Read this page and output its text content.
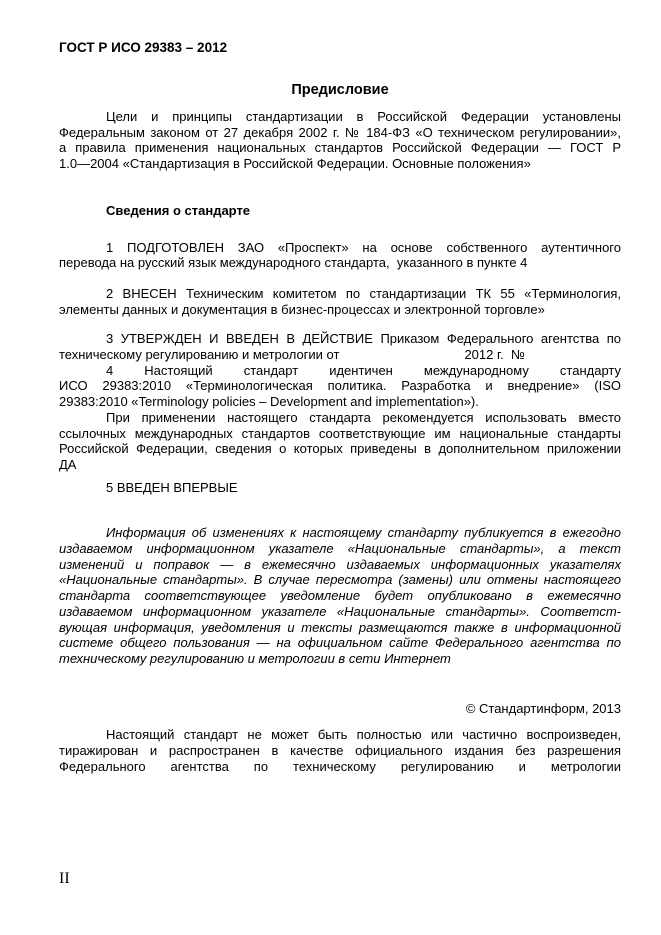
ГОСТ Р ИСО 29383 – 2012
Предисловие
Цели и принципы стандартизации в Российской Федерации установлены
Федеральным законом от 27 декабря 2002 г. № 184-ФЗ «О техническом регулировании»,
а правила применения национальных стандартов Российской Федерации — ГОСТ Р
1.0—2004 «Стандартизация в Российской Федерации. Основные положения»
Сведения о стандарте
1 ПОДГОТОВЛЕН ЗАО «Проспект» на основе собственного аутентичного
перевода на русский язык международного стандарта,  указанного в пункте 4
2 ВНЕСЕН Техническим комитетом по стандартизации ТК 55 «Терминология,
элементы данных и документация в бизнес-процессах и электронной торговле»
3 УТВЕРЖДЕН И ВВЕДЕН В ДЕЙСТВИЕ Приказом Федерального агентства по
техническому регулированию и метрологии от	2012 г.  №
4 Настоящий стандарт идентичен международному стандарту
ИСО 29383:2010 «Терминологическая политика. Разработка и внедрение» (ISO
29383:2010 «Terminology policies – Development and implementation»).
При применении настоящего стандарта рекомендуется использовать вместо
ссылочных международных стандартов соответствующие им национальные стандарты
Российской Федерации, сведения о которых приведены в дополнительном приложении
ДА
5 ВВЕДЕН ВПЕРВЫЕ
Информация об изменениях к настоящему стандарту публикуется в ежегодно
издаваемом информационном указателе «Национальные стандарты», а текст
изменений и поправок — в ежемесячно издаваемых информационных указателях
«Национальные стандарты». В случае пересмотра (замены) или отмены настоящего
стандарта соответствующее уведомление будет опубликовано в ежемесячно
издаваемом информационном указателе «Национальные стандарты». Соответст-
вующая информация, уведомления и тексты размещаются также в информационной
системе общего пользования — на официальном сайте Федерального агентства по
техническому регулированию и метрологии в сети Интернет
© Стандартинформ, 2013
Настоящий стандарт не может быть полностью или частично воспроизведен,
тиражирован и распространен в качестве официального издания без разрешения
Федерального агентства по техническому регулированию и метрологии
II
